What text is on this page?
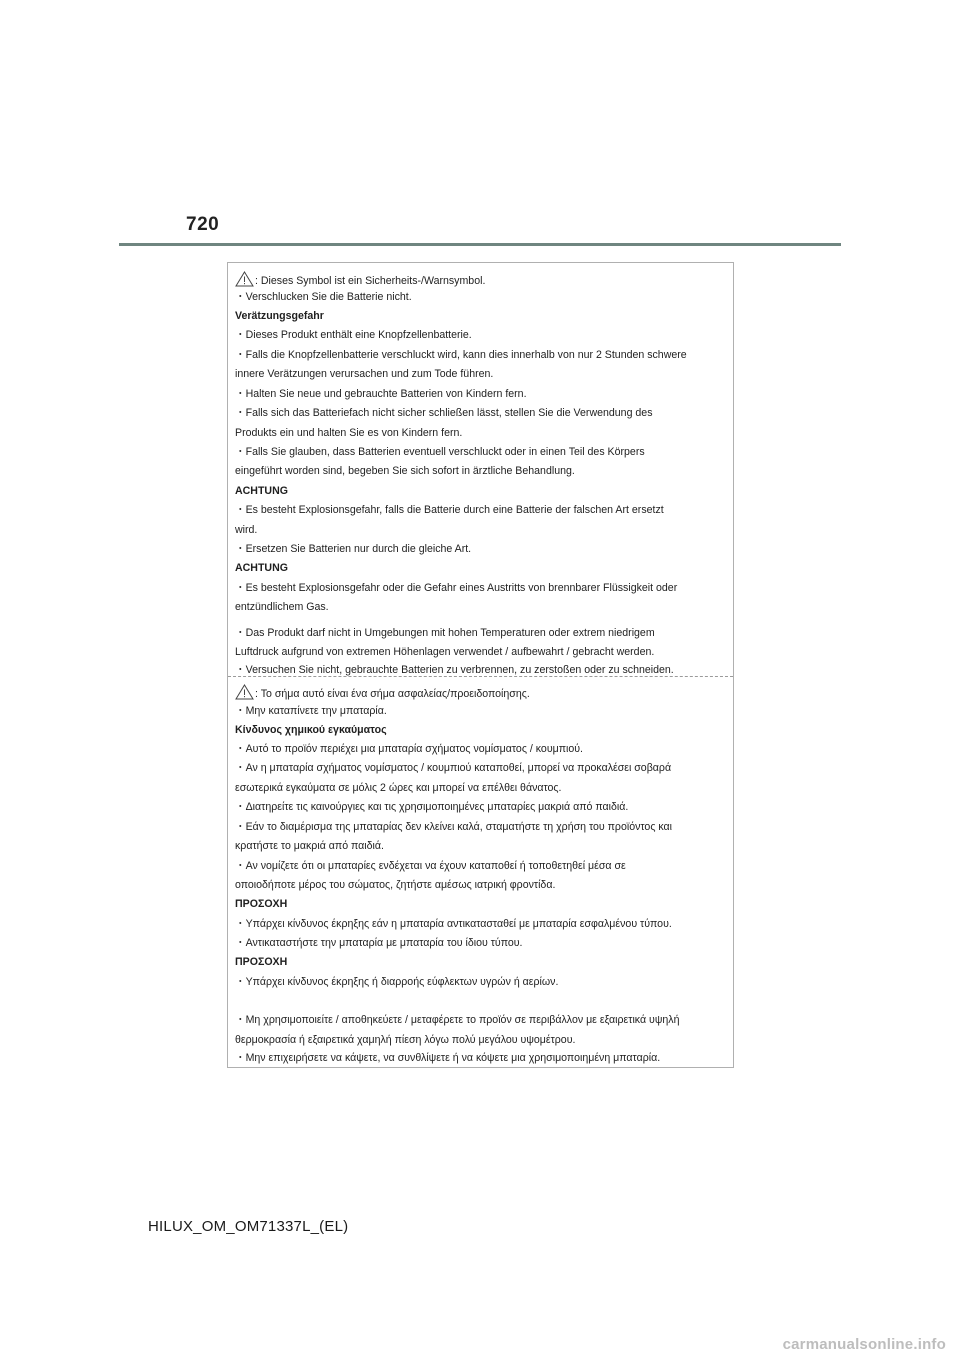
720
: Dieses Symbol ist ein Sicherheits-/Warnsymbol.
・Verschlucken Sie die Batterie nicht.
Verätzungsgefahr
・Dieses Produkt enthält eine Knopfzellenbatterie.
・Falls die Knopfzellenbatterie verschluckt wird, kann dies innerhalb von nur 2 Stunden schwere
innere Verätzungen verursachen und zum Tode führen.
・Halten Sie neue und gebrauchte Batterien von Kindern fern.
・Falls sich das Batteriefach nicht sicher schließen lässt, stellen Sie die Verwendung des
Produkts ein und halten Sie es von Kindern fern.
・Falls Sie glauben, dass Batterien eventuell verschluckt oder in einen Teil des Körpers
eingeführt worden sind, begeben Sie sich sofort in ärztliche Behandlung.
ACHTUNG
・Es besteht Explosionsgefahr, falls die Batterie durch eine Batterie der falschen Art ersetzt
wird.
・Ersetzen Sie Batterien nur durch die gleiche Art.
ACHTUNG
・Es besteht Explosionsgefahr oder die Gefahr eines Austritts von brennbarer Flüssigkeit oder
entzündlichem Gas.
・Das Produkt darf nicht in Umgebungen mit hohen Temperaturen oder extrem niedrigem
Luftdruck aufgrund von extremen Höhenlagen verwendet / aufbewahrt / gebracht werden.
・Versuchen Sie nicht, gebrauchte Batterien zu verbrennen, zu zerstoßen oder zu schneiden.
: Το σήμα αυτό είναι ένα σήμα ασφαλείας/προειδοποίησης.
・Μην καταπίνετε την μπαταρία.
Κίνδυνος χημικού εγκαύματος
・Αυτό το προϊόν περιέχει μια μπαταρία σχήματος νομίσματος / κουμπιού.
・Αν η μπαταρία σχήματος νομίσματος / κουμπιού καταποθεί, μπορεί να προκαλέσει σοβαρά
εσωτερικά εγκαύματα σε μόλις 2 ώρες και μπορεί να επέλθει θάνατος.
・Διατηρείτε τις καινούργιες και τις χρησιμοποιημένες μπαταρίες μακριά από παιδιά.
・Εάν το διαμέρισμα της μπαταρίας δεν κλείνει καλά, σταματήστε τη χρήση του προϊόντος και
κρατήστε το μακριά από παιδιά.
・Αν νομίζετε ότι οι μπαταρίες ενδέχεται να έχουν καταποθεί ή τοποθετηθεί μέσα σε
οποιοδήποτε μέρος του σώματος, ζητήστε αμέσως ιατρική φροντίδα.
ΠΡΟΣΟΧΗ
・Υπάρχει κίνδυνος έκρηξης εάν η μπαταρία αντικατασταθεί με μπαταρία εσφαλμένου τύπου.
・Αντικαταστήστε την μπαταρία με μπαταρία του ίδιου τύπου.
ΠΡΟΣΟΧΗ
・Υπάρχει κίνδυνος έκρηξης ή διαρροής εύφλεκτων υγρών ή αερίων.
・Μη χρησιμοποιείτε / αποθηκεύετε / μεταφέρετε το προϊόν σε περιβάλλον με εξαιρετικά υψηλή
θερμοκρασία ή εξαιρετικά χαμηλή πίεση λόγω πολύ μεγάλου υψομέτρου.
・Μην επιχειρήσετε να κάψετε, να συνθλίψετε ή να κόψετε μια χρησιμοποιημένη μπαταρία.
HILUX_OM_OM71337L_(EL)
carmanualsonline.info
